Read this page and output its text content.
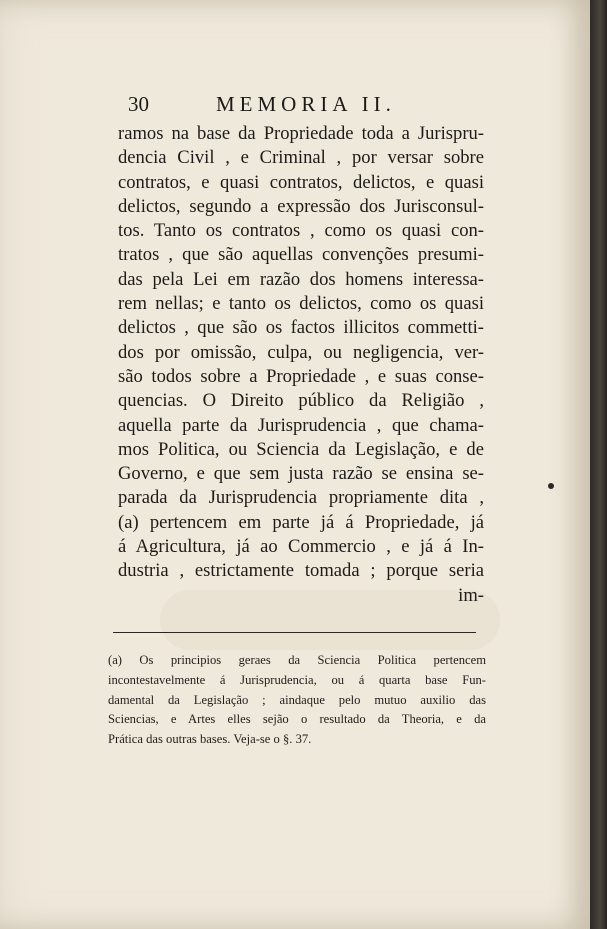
30	MEMORIA II.
ramos na base da Propriedade toda a Jurispru-
dencia Civil , e Criminal , por versar sobre
contratos, e quasi contratos, delictos, e quasi
delictos, segundo a expressão dos Jurisconsul-
tos. Tanto os contratos , como os quasi con-
tratos , que são aquellas convenções presumi-
das pela Lei em razão dos homens interessa-
rem nellas; e tanto os delictos, como os quasi
delictos , que são os factos illicitos commetti-
dos por omissão, culpa, ou negligencia, ver-
são todos sobre a Propriedade , e suas conse-
quencias. O Direito público da Religião ,
aquella parte da Jurisprudencia , que chama-
mos Politica, ou Sciencia da Legislação, e de
Governo, e que sem justa razão se ensina se-
parada da Jurisprudencia propriamente dita ,
(a) pertencem em parte já á Propriedade, já
á Agricultura, já ao Commercio , e já á In-
dustria , estrictamente tomada ; porque seria
im-
(a) Os principios geraes da Sciencia Politica pertencem
incontestavelmente á Jurisprudencia, ou á quarta base Fun-
damental da Legislação ; aindaque pelo mutuo auxilio das
Sciencias, e Artes elles sejão o resultado da Theoria, e da
Prática das outras bases. Veja-se o §. 37.
